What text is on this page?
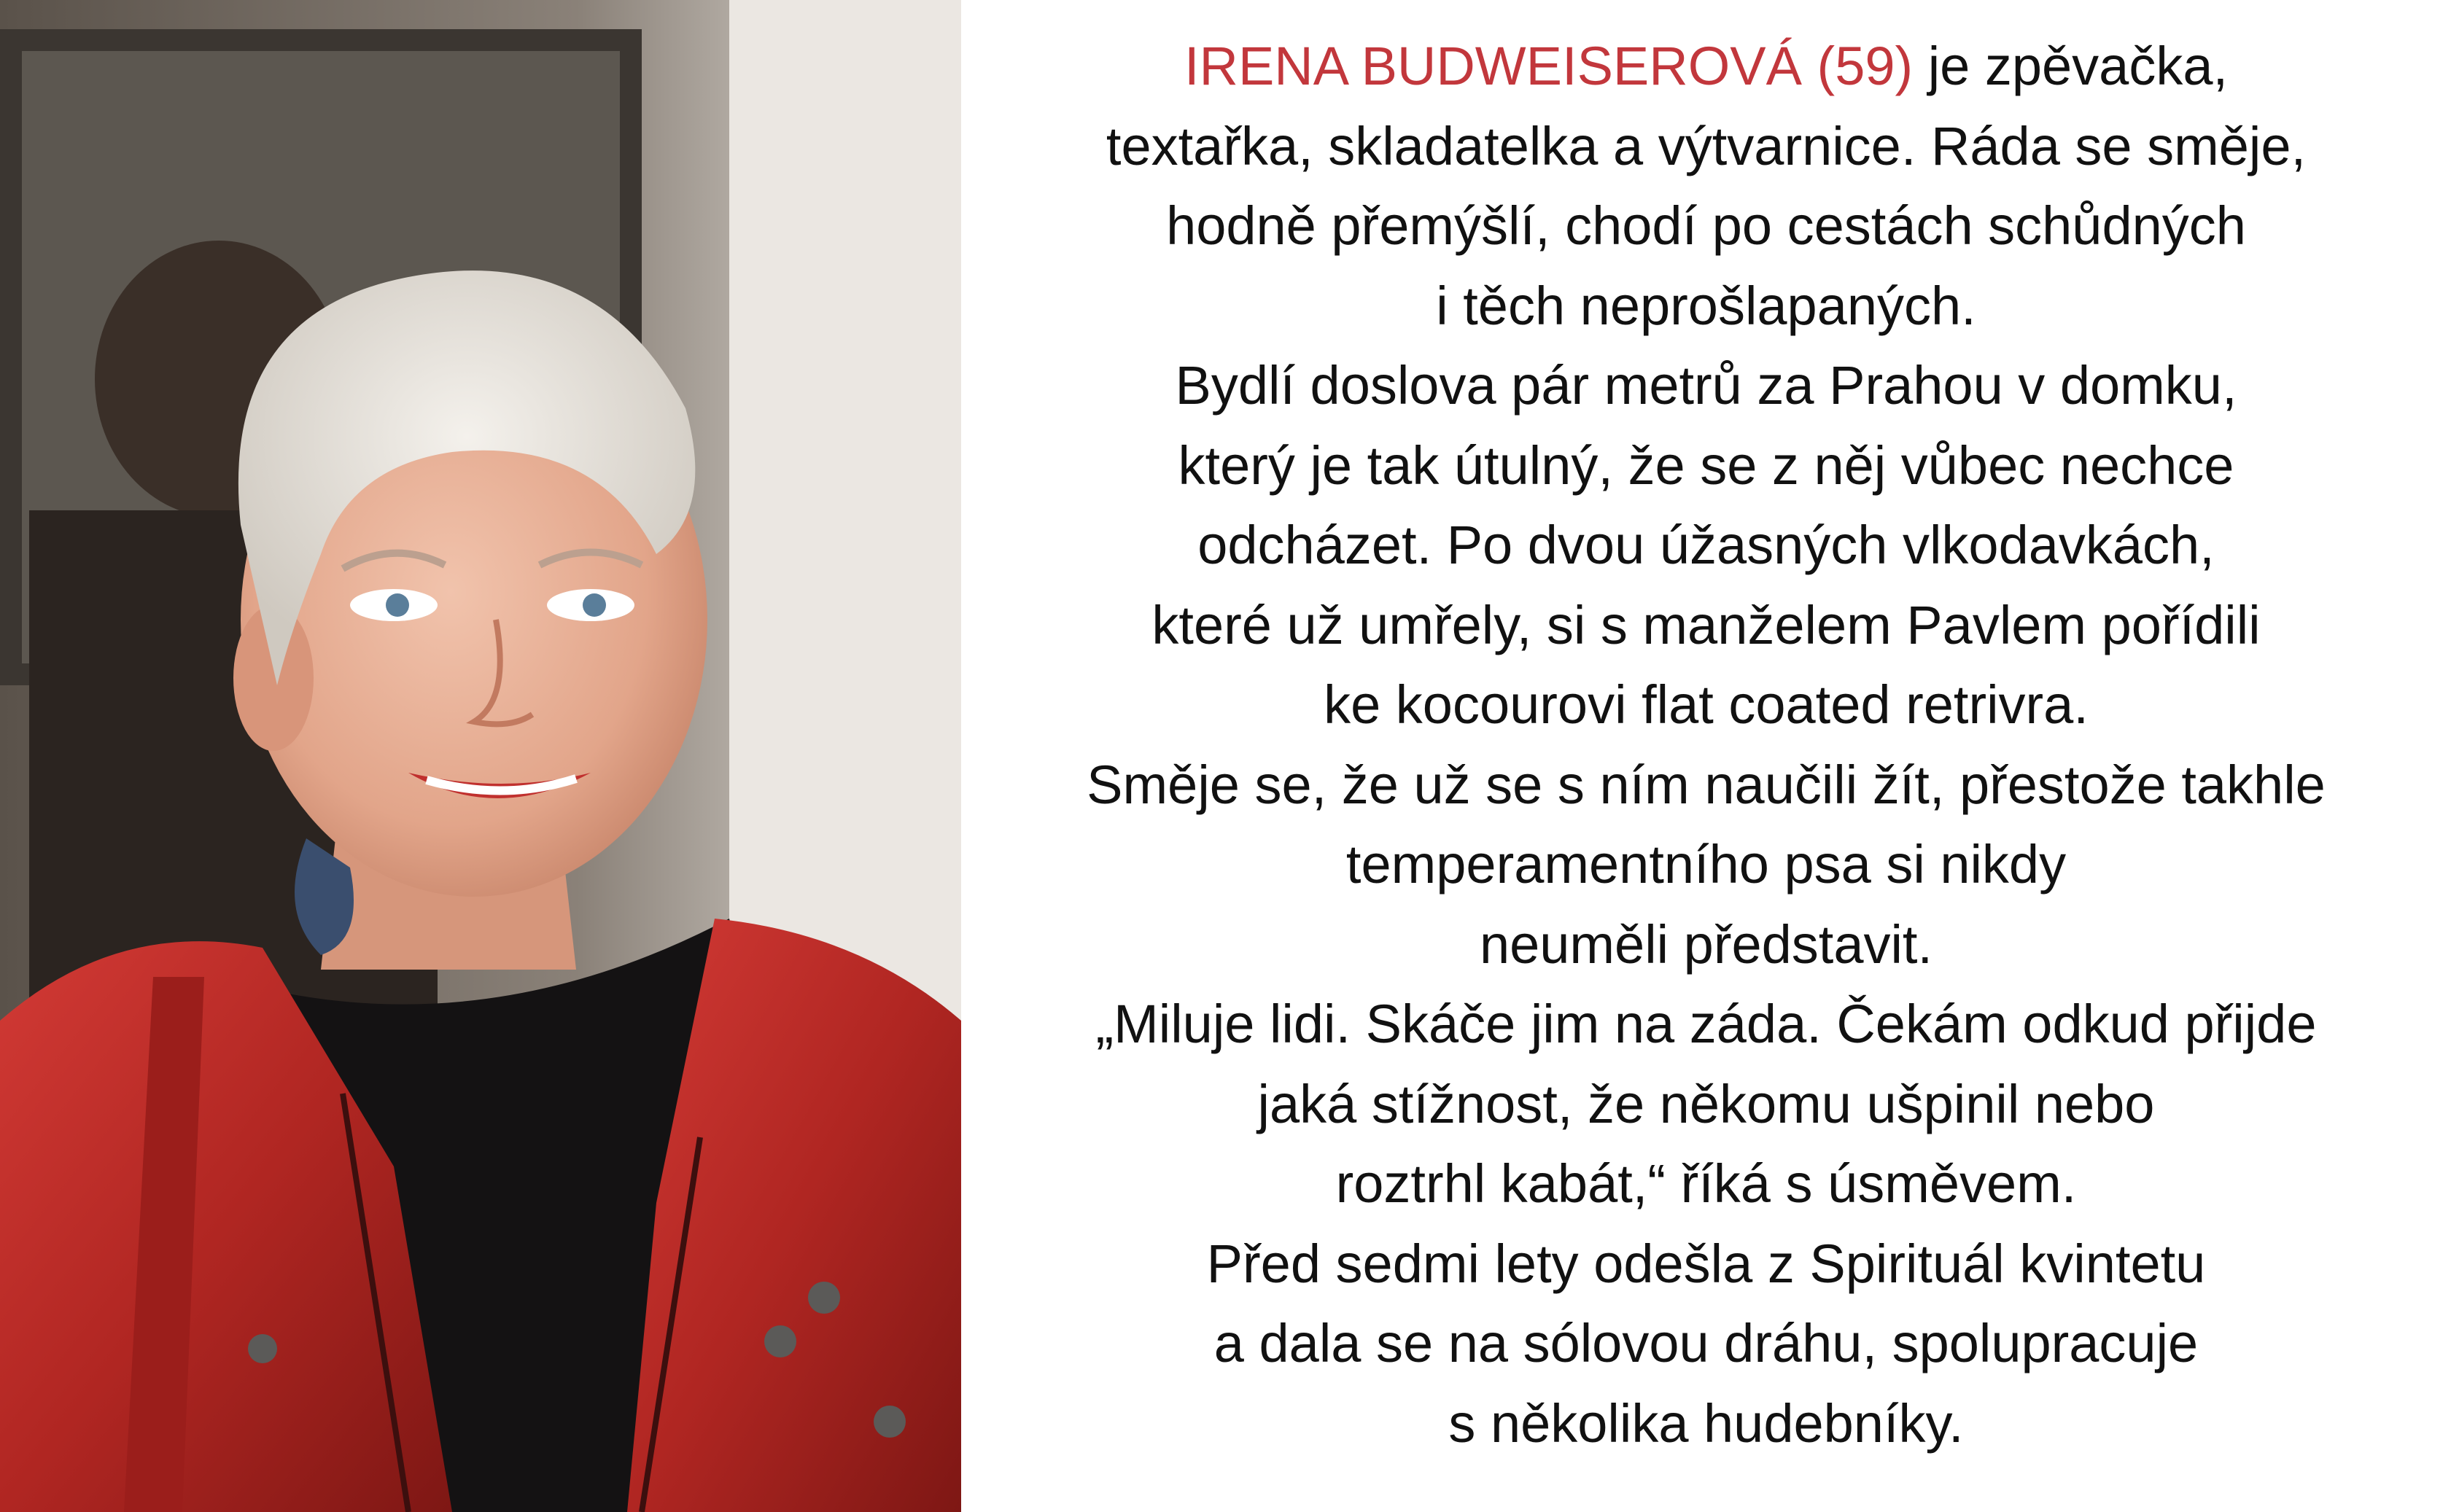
IRENA BUDWEISEROVÁ (59) je zpěvačka,
textařka, skladatelka a výtvarnice. Ráda se směje,
hodně přemýšlí, chodí po cestách schůdných
i těch neprošlapaných.
Bydlí doslova pár metrů za Prahou v domku,
který je tak útulný, že se z něj vůbec nechce
odcházet. Po dvou úžasných vlkodavkách,
které už umřely, si s manželem Pavlem pořídili
ke kocourovi flat coated retrivra.
Směje se, že už se s ním naučili žít, přestože takhle
temperamentního psa si nikdy
neuměli představit.
„Miluje lidi. Skáče jim na záda. Čekám odkud přijde
jaká stížnost, že někomu ušpinil nebo
roztrhl kabát,“ říká s úsměvem.
Před sedmi lety odešla z Spirituál kvintetu
a dala se na sólovou dráhu, spolupracuje
s několika hudebníky.
